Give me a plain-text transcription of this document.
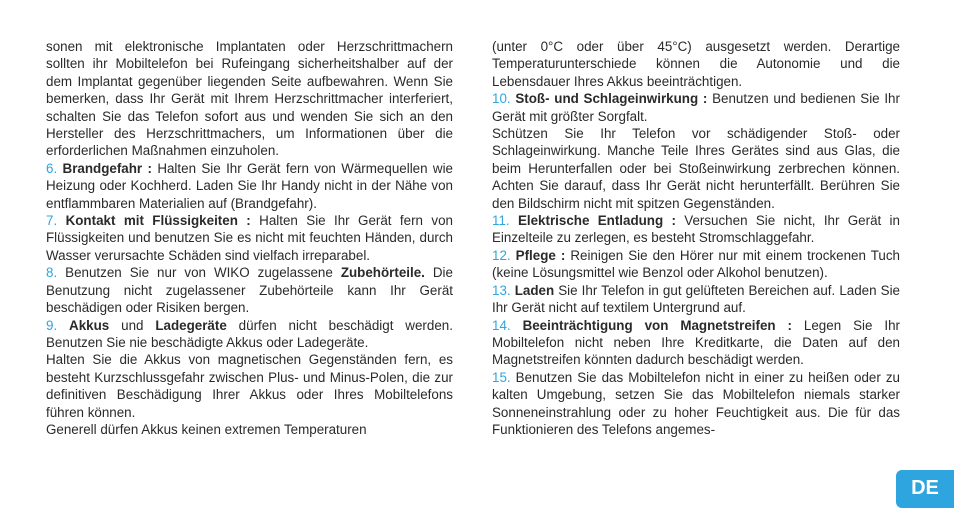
sonen mit elektronische Implantaten oder Herzschrittmachern sollten ihr Mobiltelefon bei Rufeingang sicherheitshalber auf der dem Implantat gegenüber liegenden Seite aufbewahren. Wenn Sie bemerken, dass Ihr Gerät mit Ihrem Herzschrittmacher interferiert, schalten Sie das Telefon sofort aus und wenden Sie sich an den Hersteller des Herzschrittmachers, um Informationen über die erforderlichen Maßnahmen einzuholen.

6. Brandgefahr : Halten Sie Ihr Gerät fern von Wärmequellen wie Heizung oder Kochherd. Laden Sie Ihr Handy nicht in der Nähe von entflammbaren Materialien auf (Brandgefahr).

7. Kontakt mit Flüssigkeiten : Halten Sie Ihr Gerät fern von Flüssigkeiten und benutzen Sie es nicht mit feuchten Händen, durch Wasser verursachte Schäden sind vielfach irreparabel.

8. Benutzen Sie nur von WIKO zugelassene Zubehörteile. Die Benutzung nicht zugelassener Zubehörteile kann Ihr Gerät beschädigen oder Risiken bergen.

9. Akkus und Ladegeräte dürfen nicht beschädigt werden. Benutzen Sie nie beschädigte Akkus oder Ladegeräte.

Halten Sie die Akkus von magnetischen Gegenständen fern, es besteht Kurzschlussgefahr zwischen Plus- und Minus-Polen, die zur definitiven Beschädigung Ihrer Akkus oder Ihres Mobiltelefons führen können.

Generell dürfen Akkus keinen extremen Temperaturen

(unter 0°C oder über 45°C) ausgesetzt werden. Derartige Temperaturunterschiede können die Autonomie und die Lebensdauer Ihres Akkus beeinträchtigen.

10. Stoß- und Schlageinwirkung : Benutzen und bedienen Sie Ihr Gerät mit größter Sorgfalt.

Schützen Sie Ihr Telefon vor schädigender Stoß- oder Schlageinwirkung. Manche Teile Ihres Gerätes sind aus Glas, die beim Herunterfallen oder bei Stoßeinwirkung zerbrechen können. Achten Sie darauf, dass Ihr Gerät nicht herunterfällt. Berühren Sie den Bildschirm nicht mit spitzen Gegenständen.

11. Elektrische Entladung : Versuchen Sie nicht, Ihr Gerät in Einzelteile zu zerlegen, es besteht Stromschlaggefahr.

12. Pflege : Reinigen Sie den Hörer nur mit einem trockenen Tuch (keine Lösungsmittel wie Benzol oder Alkohol benutzen).

13. Laden Sie Ihr Telefon in gut gelüfteten Bereichen auf. Laden Sie Ihr Gerät nicht auf textilem Untergrund auf.

14. Beeinträchtigung von Magnetstreifen : Legen Sie Ihr Mobiltelefon nicht neben Ihre Kreditkarte, die Daten auf den Magnetstreifen könnten dadurch beschädigt werden.

15. Benutzen Sie das Mobiltelefon nicht in einer zu heißen oder zu kalten Umgebung, setzen Sie das Mobiltelefon niemals starker Sonneneinstrahlung oder zu hoher Feuchtigkeit aus. Die für das Funktionieren des Telefons angemes-

DE
